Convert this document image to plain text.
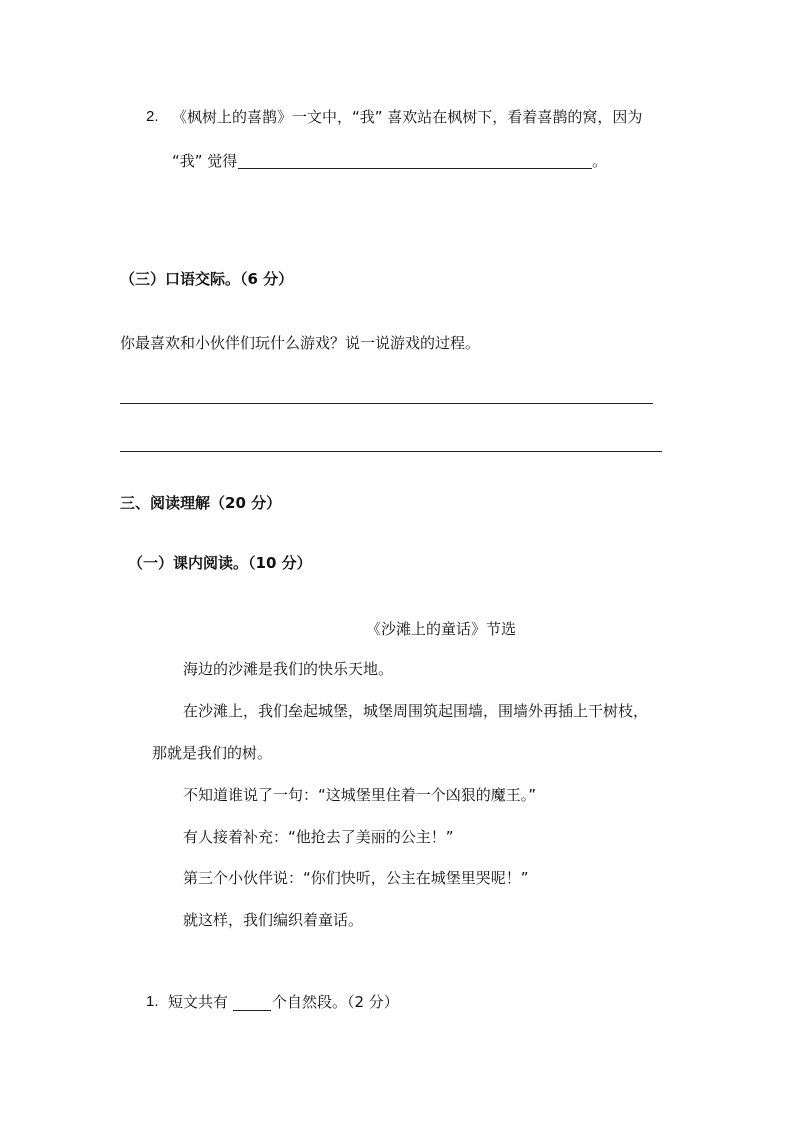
2. 《枫树上的喜鹊》一文中，“我” 喜欢站在枫树下，看着喜鹊的窝，因为
“我” 觉得	。
（三）口语交际。（6 分）
你最喜欢和小伙伴们玩什么游戏？说一说游戏的过程。
三、阅读理解（20 分）
（一）课内阅读。（10 分）
《沙滩上的童话》节选
海边的沙滩是我们的快乐天地。
在沙滩上，我们垒起城堡，城堡周围筑起围墙，围墙外再插上干树枝，
那就是我们的树。
不知道谁说了一句：“这城堡里住着一个凶狠的魔王。”
有人接着补充：“他抢去了美丽的公主！”
第三个小伙伴说：“你们快听，公主在城堡里哭呢！”
就这样，我们编织着童话。
1. 短文共有	个自然段。（2 分）
